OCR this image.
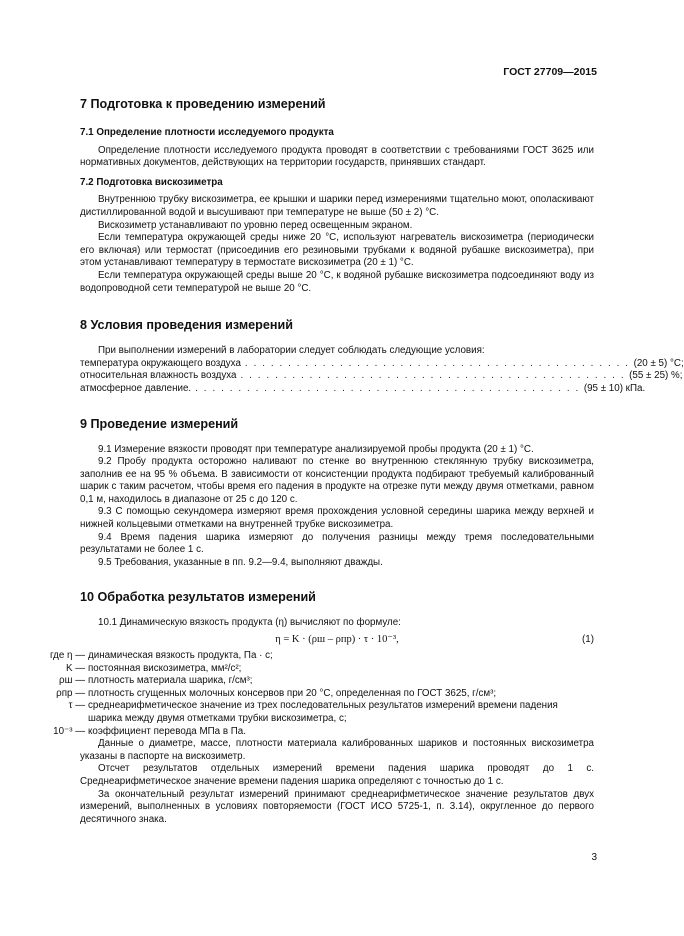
ГОСТ 27709—2015
7 Подготовка к проведению измерений
7.1 Определение плотности исследуемого продукта

Определение плотности исследуемого продукта проводят в соответствии с требованиями ГОСТ 3625 или нормативных документов, действующих на территории государств, принявших стандарт.

7.2 Подготовка вискозиметра

Внутреннюю трубку вискозиметра, ее крышки и шарики перед измерениями тщательно моют, ополаскивают дистиллированной водой и высушивают при температуре не выше (50 ± 2) °С.

Вискозиметр устанавливают по уровню перед освещенным экраном.

Если температура окружающей среды ниже 20 °С, используют нагреватель вискозиметра (периодически его включая) или термостат (присоединив его резиновыми трубками к водяной рубашке вискозиметра), при этом устанавливают температуру в термостате вискозиметра (20 ± 1) °С.

Если температура окружающей среды выше 20 °С, к водяной рубашке вискозиметра подсоединяют воду из водопроводной сети температурой не выше 20 °С.

8 Условия проведения измерений

При выполнении измерений в лаборатории следует соблюдать следующие условия:

температура окружающего воздуха . . . . . . . . . . . . . . . . . . . . . . . . . . . . . . . . . . . . . . . . . . . . . (20 ± 5) °С;
относительная влажность воздуха . . . . . . . . . . . . . . . . . . . . . . . . . . . . . . . . . . . . . . . . . . . . . (55 ± 25) %;
атмосферное давление. . . . . . . . . . . . . . . . . . . . . . . . . . . . . . . . . . . . . . . . . . . . . . (95 ± 10) кПа.
9 Проведение измерений

9.1 Измерение вязкости проводят при температуре анализируемой пробы продукта (20 ± 1) °С.

9.2 Пробу продукта осторожно наливают по стенке во внутреннюю стеклянную трубку вискозиметра, заполнив ее на 95 % объема. В зависимости от консистенции продукта подбирают требуемый калиброванный шарик с таким расчетом, чтобы время его падения в продукте на отрезке пути между двумя отметками, равном 0,1 м, находилось в диапазоне от 25 с до 120 с.

9.3 С помощью секундомера измеряют время прохождения условной середины шарика между верхней и нижней кольцевыми отметками на внутренней трубке вискозиметра.

9.4 Время падения шарика измеряют до получения разницы между тремя последовательными результатами не более 1 с.

9.5 Требования, указанные в пп. 9.2—9.4, выполняют дважды.

10 Обработка результатов измерений

10.1 Динамическую вязкость продукта (η) вычисляют по формуле:

η = K · (ρш – ρпр) · τ · 10⁻³,	(1)
где η — динамическая вязкость продукта, Па · с;
K — постоянная вискозиметра, мм²/с²;
ρш — плотность материала шарика, г/см³;
ρпр — плотность сгущенных молочных консервов при 20 °С, определенная по ГОСТ 3625, г/см³;
τ — среднеарифметическое значение из трех последовательных результатов измерений времени падения шарика между двумя отметками трубки вискозиметра, с;
10⁻³ — коэффициент перевода МПа в Па.

Данные о диаметре, массе, плотности материала калиброванных шариков и постоянных вискозиметра указаны в паспорте на вискозиметр.

Отсчет результатов отдельных измерений времени падения шарика проводят до 1 с. Среднеарифметическое значение времени падения шарика определяют с точностью до 1 с.

За окончательный результат измерений принимают среднеарифметическое значение результатов двух измерений, выполненных в условиях повторяемости (ГОСТ ИСО 5725-1, п. 3.14), округленное до первого десятичного знака.

3
